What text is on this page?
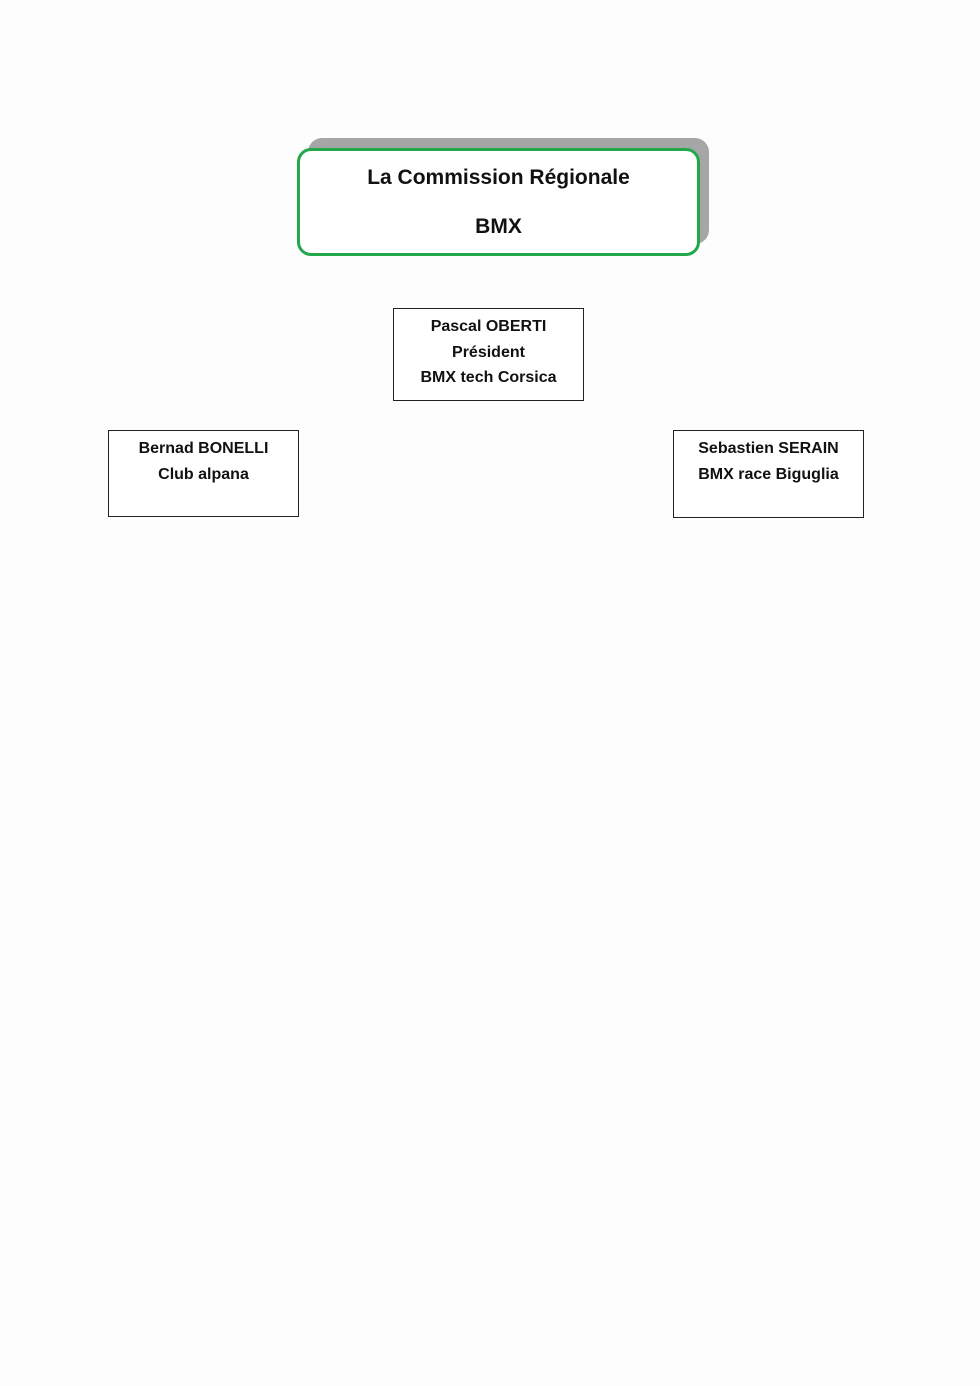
La Commission Régionale
BMX
Pascal OBERTI
Président
BMX tech Corsica
Bernad BONELLI
Club alpana
Sebastien SERAIN
BMX race Biguglia
